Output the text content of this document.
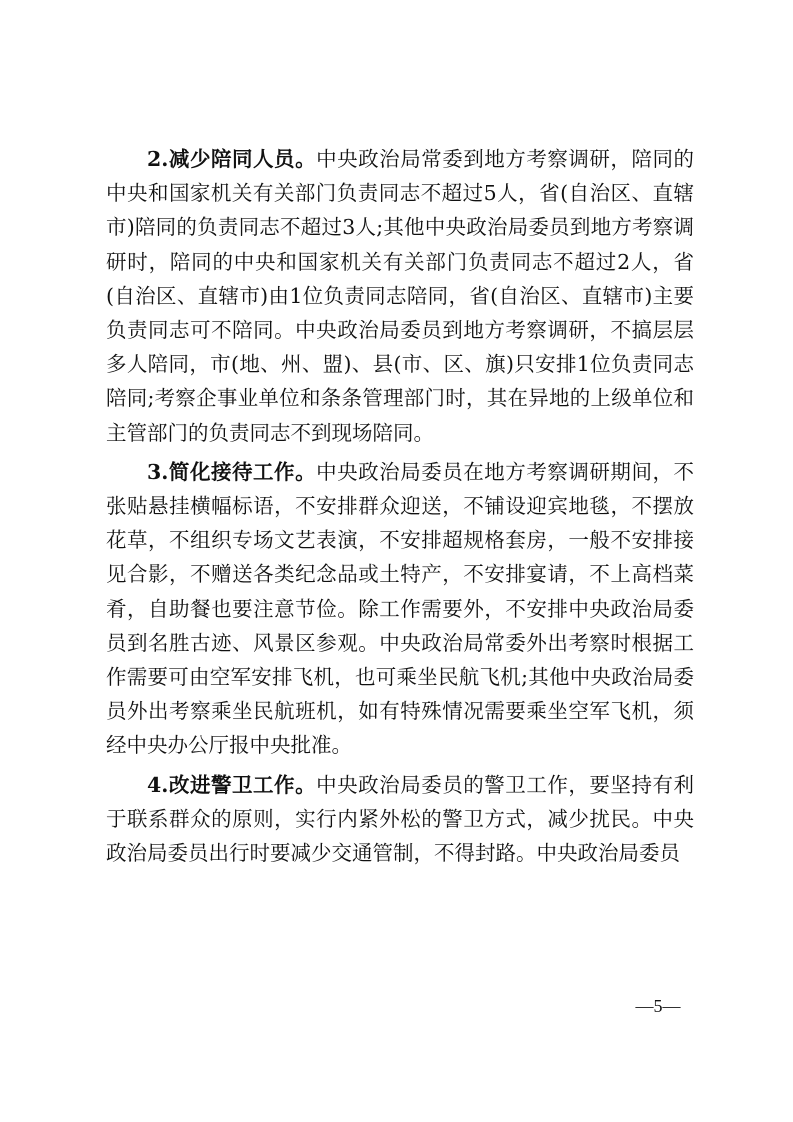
2.减少陪同人员。中央政治局常委到地方考察调研，陪同的中央和国家机关有关部门负责同志不超过5人，省(自治区、直辖市)陪同的负责同志不超过3人;其他中央政治局委员到地方考察调研时，陪同的中央和国家机关有关部门负责同志不超过2人，省(自治区、直辖市)由1位负责同志陪同，省(自治区、直辖市)主要负责同志可不陪同。中央政治局委员到地方考察调研，不搞层层多人陪同，市(地、州、盟)、县(市、区、旗)只安排1位负责同志陪同;考察企事业单位和条条管理部门时，其在异地的上级单位和主管部门的负责同志不到现场陪同。

3.简化接待工作。中央政治局委员在地方考察调研期间，不张贴悬挂横幅标语，不安排群众迎送，不铺设迎宾地毯，不摆放花草，不组织专场文艺表演，不安排超规格套房，一般不安排接见合影，不赠送各类纪念品或土特产，不安排宴请，不上高档菜肴，自助餐也要注意节俭。除工作需要外，不安排中央政治局委员到名胜古迹、风景区参观。中央政治局常委外出考察时根据工作需要可由空军安排飞机，也可乘坐民航飞机;其他中央政治局委员外出考察乘坐民航班机，如有特殊情况需要乘坐空军飞机，须经中央办公厅报中央批准。

4.改进警卫工作。中央政治局委员的警卫工作，要坚持有利于联系群众的原则，实行内紧外松的警卫方式，减少扰民。中央政治局委员出行时要减少交通管制，不得封路。中央政治局委员

—5—
